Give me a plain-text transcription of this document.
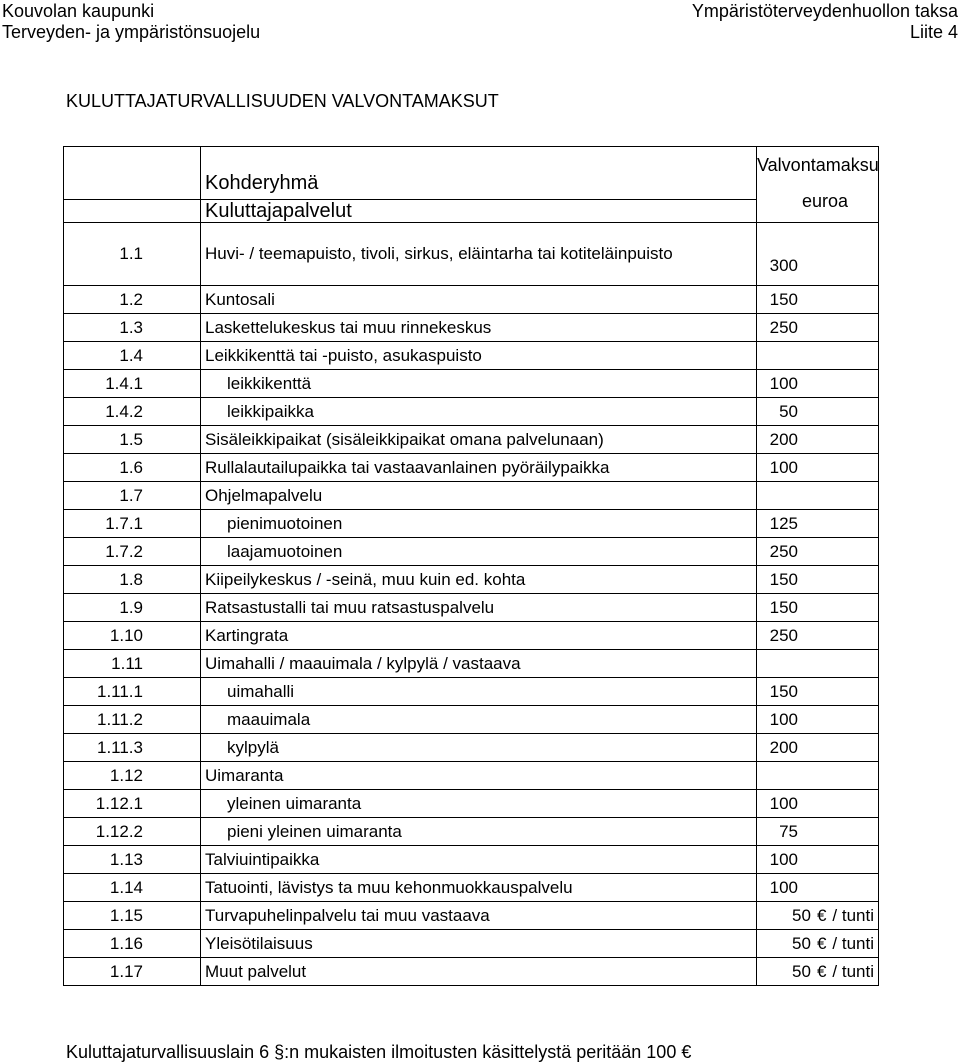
Kouvolan kaupunki
Terveyden- ja ympäristönsuojelu
Ympäristöterveydenhuollon taksa
Liite 4
KULUTTAJATURVALLISUUDEN VALVONTAMAKSUT
	Kohderyhmä	Valvontamaksu
euroa

	Kuluttajapalvelut	
1.1	Huvi- / teemapuisto, tivoli, sirkus, eläintarha tai kotiteläinpuisto	300
1.2	Kuntosali	150
1.3	Laskettelukeskus tai muu rinnekeskus	250
1.4	Leikkikenttä tai -puisto, asukaspuisto	
1.4.1	leikkikenttä	100
1.4.2	leikkipaikka	50
1.5	Sisäleikkipaikat (sisäleikkipaikat omana palvelunaan)	200
1.6	Rullalautailupaikka tai vastaavanlainen pyöräilypaikka	100
1.7	Ohjelmapalvelu	
1.7.1	pienimuotoinen	125
1.7.2	laajamuotoinen	250
1.8	Kiipeilykeskus / -seinä, muu kuin ed. kohta	150
1.9	Ratsastustalli tai muu ratsastuspalvelu	150
1.10	Kartingrata	250
1.11	Uimahalli / maauimala / kylpylä / vastaava	
1.11.1	uimahalli	150
1.11.2	maauimala	100
1.11.3	kylpylä	200
1.12	Uimaranta	
1.12.1	yleinen uimaranta	100
1.12.2	pieni yleinen uimaranta	75
1.13	Talviuintipaikka	100
1.14	Tatuointi, lävistys ta muu kehonmuokkauspalvelu	100
1.15	Turvapuhelinpalvelu tai muu vastaava	50 € / tunti
1.16	Yleisötilaisuus	50 € / tunti
1.17	Muut palvelut	50 € / tunti
Kuluttajaturvallisuuslain 6 §:n mukaisten ilmoitusten käsittelystä peritään 100 €
